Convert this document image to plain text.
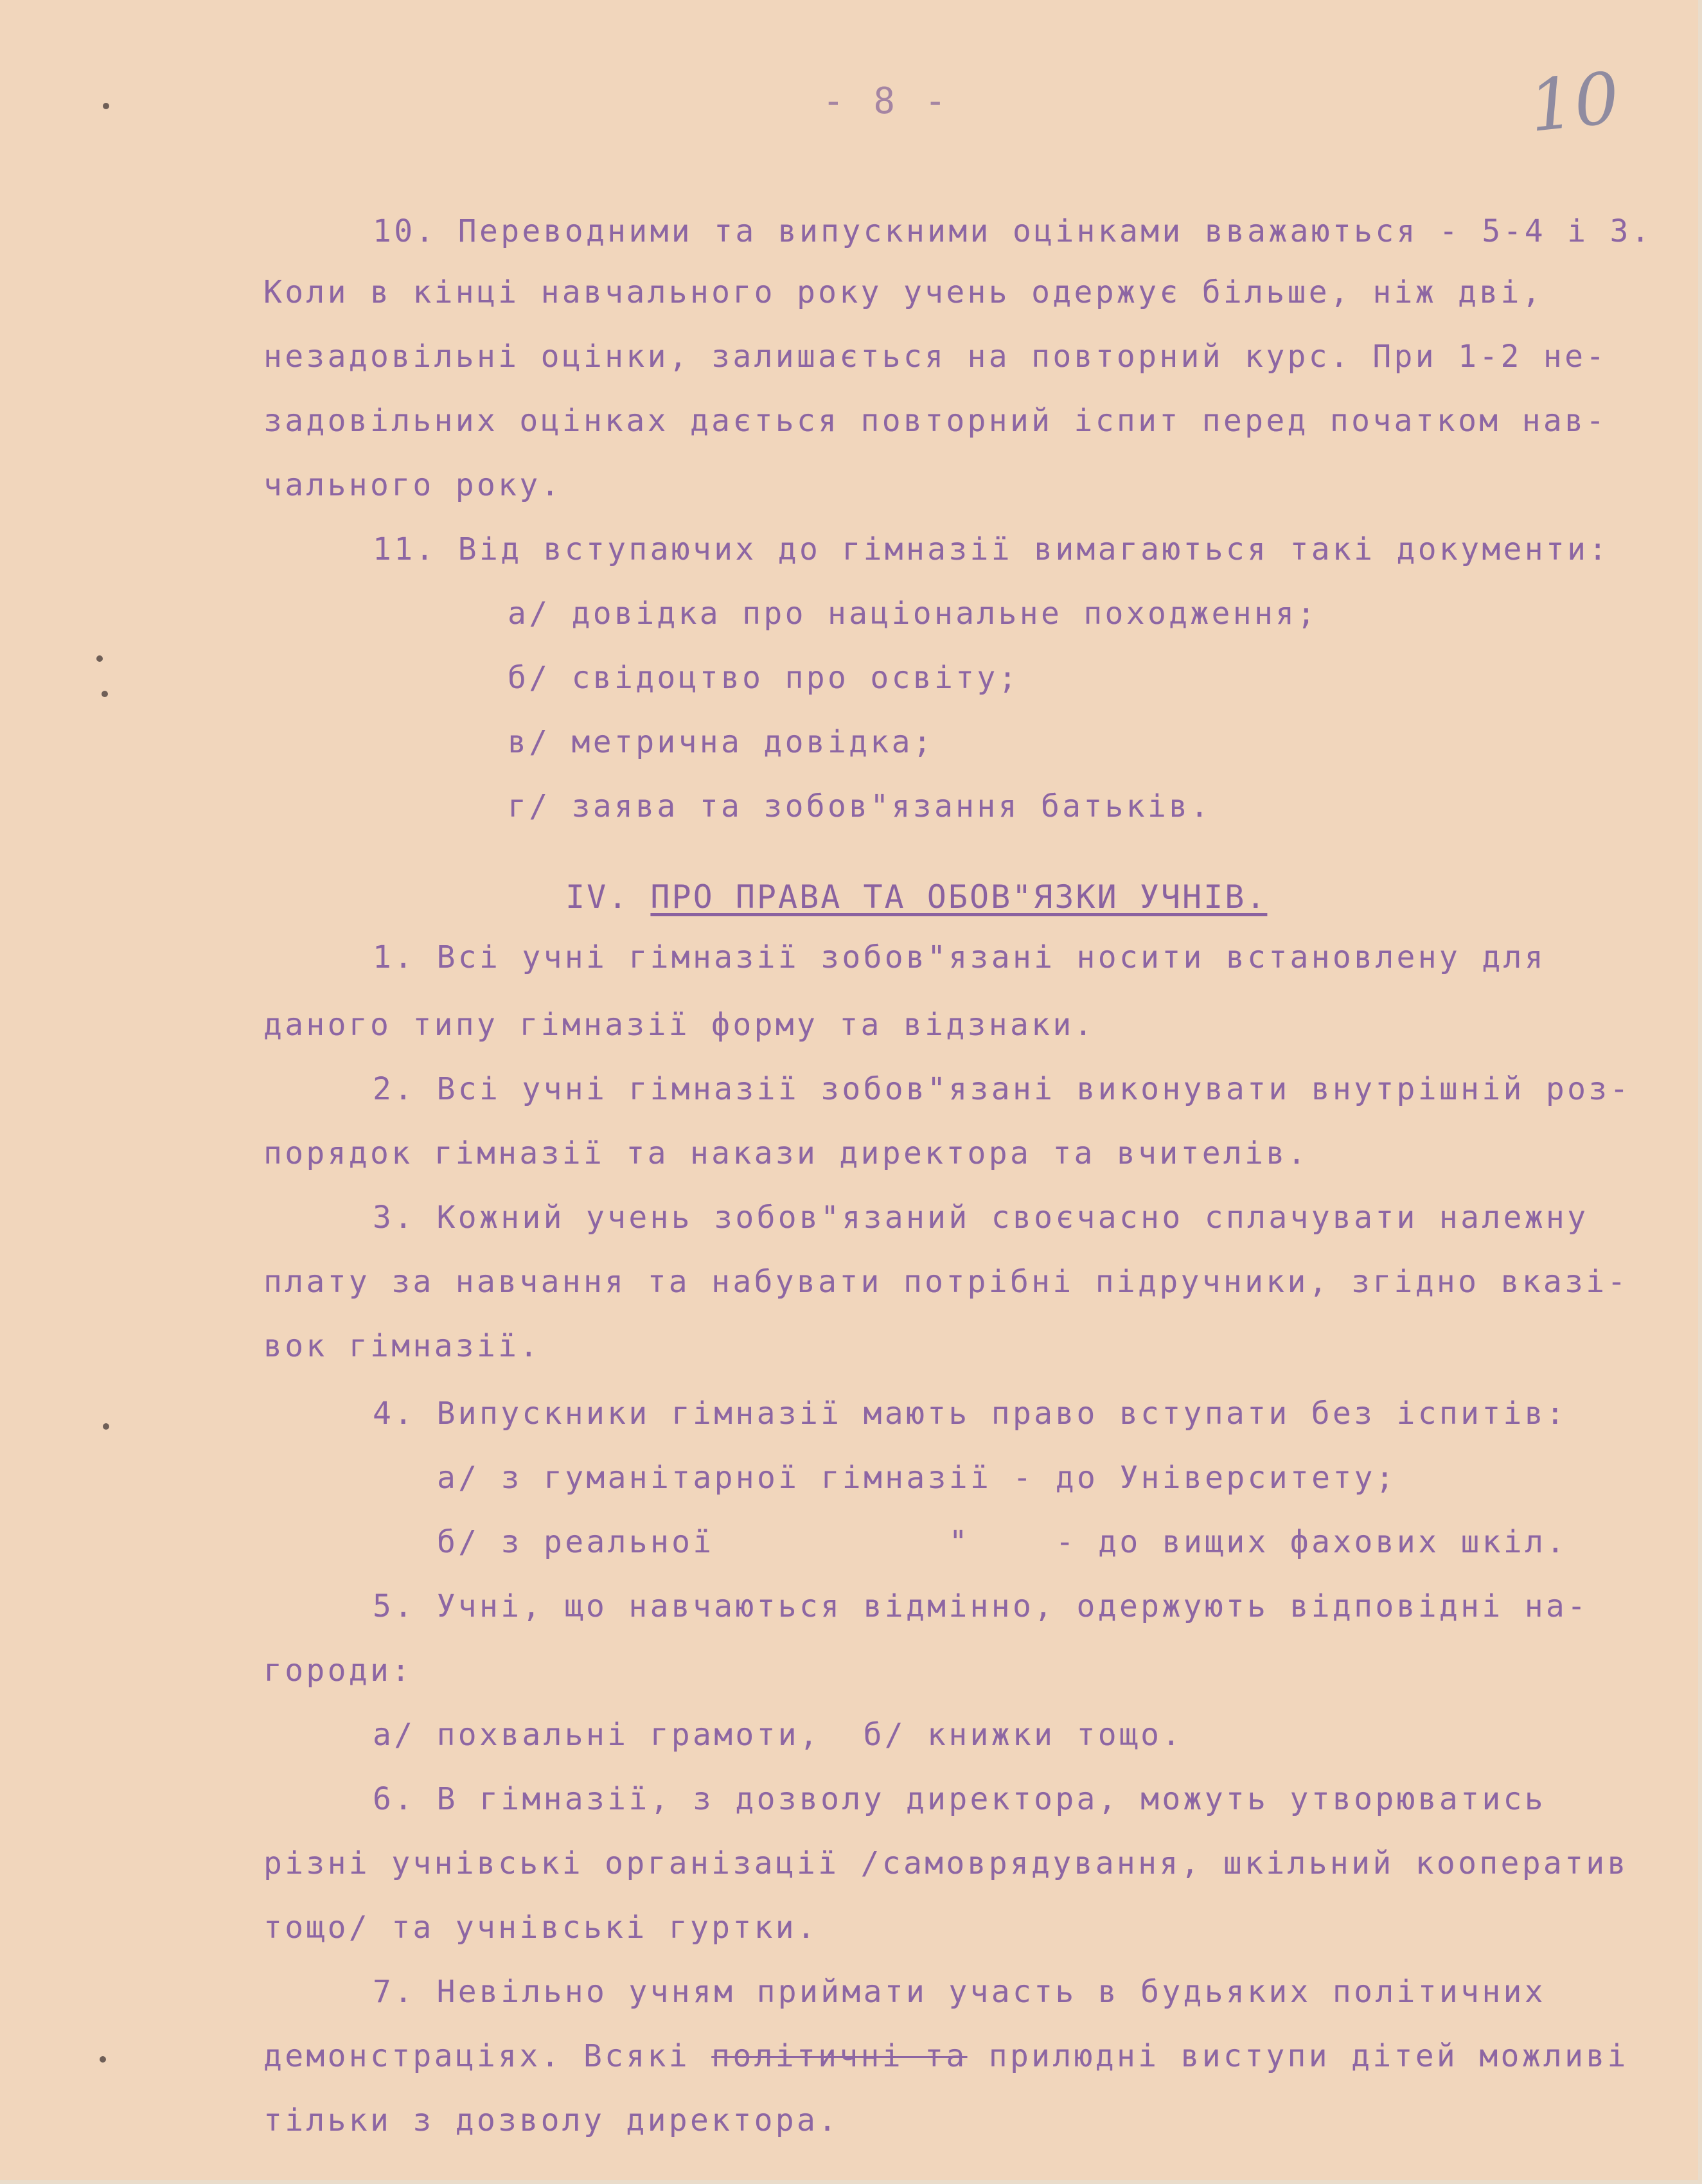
- 8 -	10
10. Переводними та випускними оцінками вважаються - 5-4 і 3.
Коли в кінці навчального року учень одержує більше, ніж дві,
незадовільні оцінки, залишається на повторний курс. При 1-2 не-
задовільних оцінках дається повторний іспит перед початком нав-
чального року.
11. Від вступаючих до гімназії вимагаються такі документи:
а/ довідка про національне походження;
б/ свідоцтво про освіту;
в/ метрична довідка;
г/ заява та зобов"язання батьків.
IV. ПРО ПРАВА ТА ОБОВ"ЯЗКИ УЧНІВ.
1. Всі учні гімназії зобов"язані носити встановлену для
даного типу гімназії форму та відзнаки.
2. Всі учні гімназії зобов"язані виконувати внутрішній роз-
порядок гімназії та накази директора та вчителів.
3. Кожний учень зобов"язаний своєчасно сплачувати належну
плату за навчання та набувати потрібні підручники, згідно вказі-
вок гімназії.
4. Випускники гімназії мають право вступати без іспитів:
а/ з гуманітарної гімназії - до Університету;
б/ з реальної           "    - до вищих фахових шкіл.
5. Учні, що навчаються відмінно, одержують відповідні на-
городи:
а/ похвальні грамоти,  б/ книжки тощо.
6. В гімназії, з дозволу директора, можуть утворюватись
різні учнівські організації /самоврядування, шкільний кооператив
тощо/ та учнівські гуртки.
7. Невільно учням приймати участь в будьяких політичних
демонстраціях. Всякі політичні та прилюдні виступи дітей можливі
тільки з дозволу директора.
